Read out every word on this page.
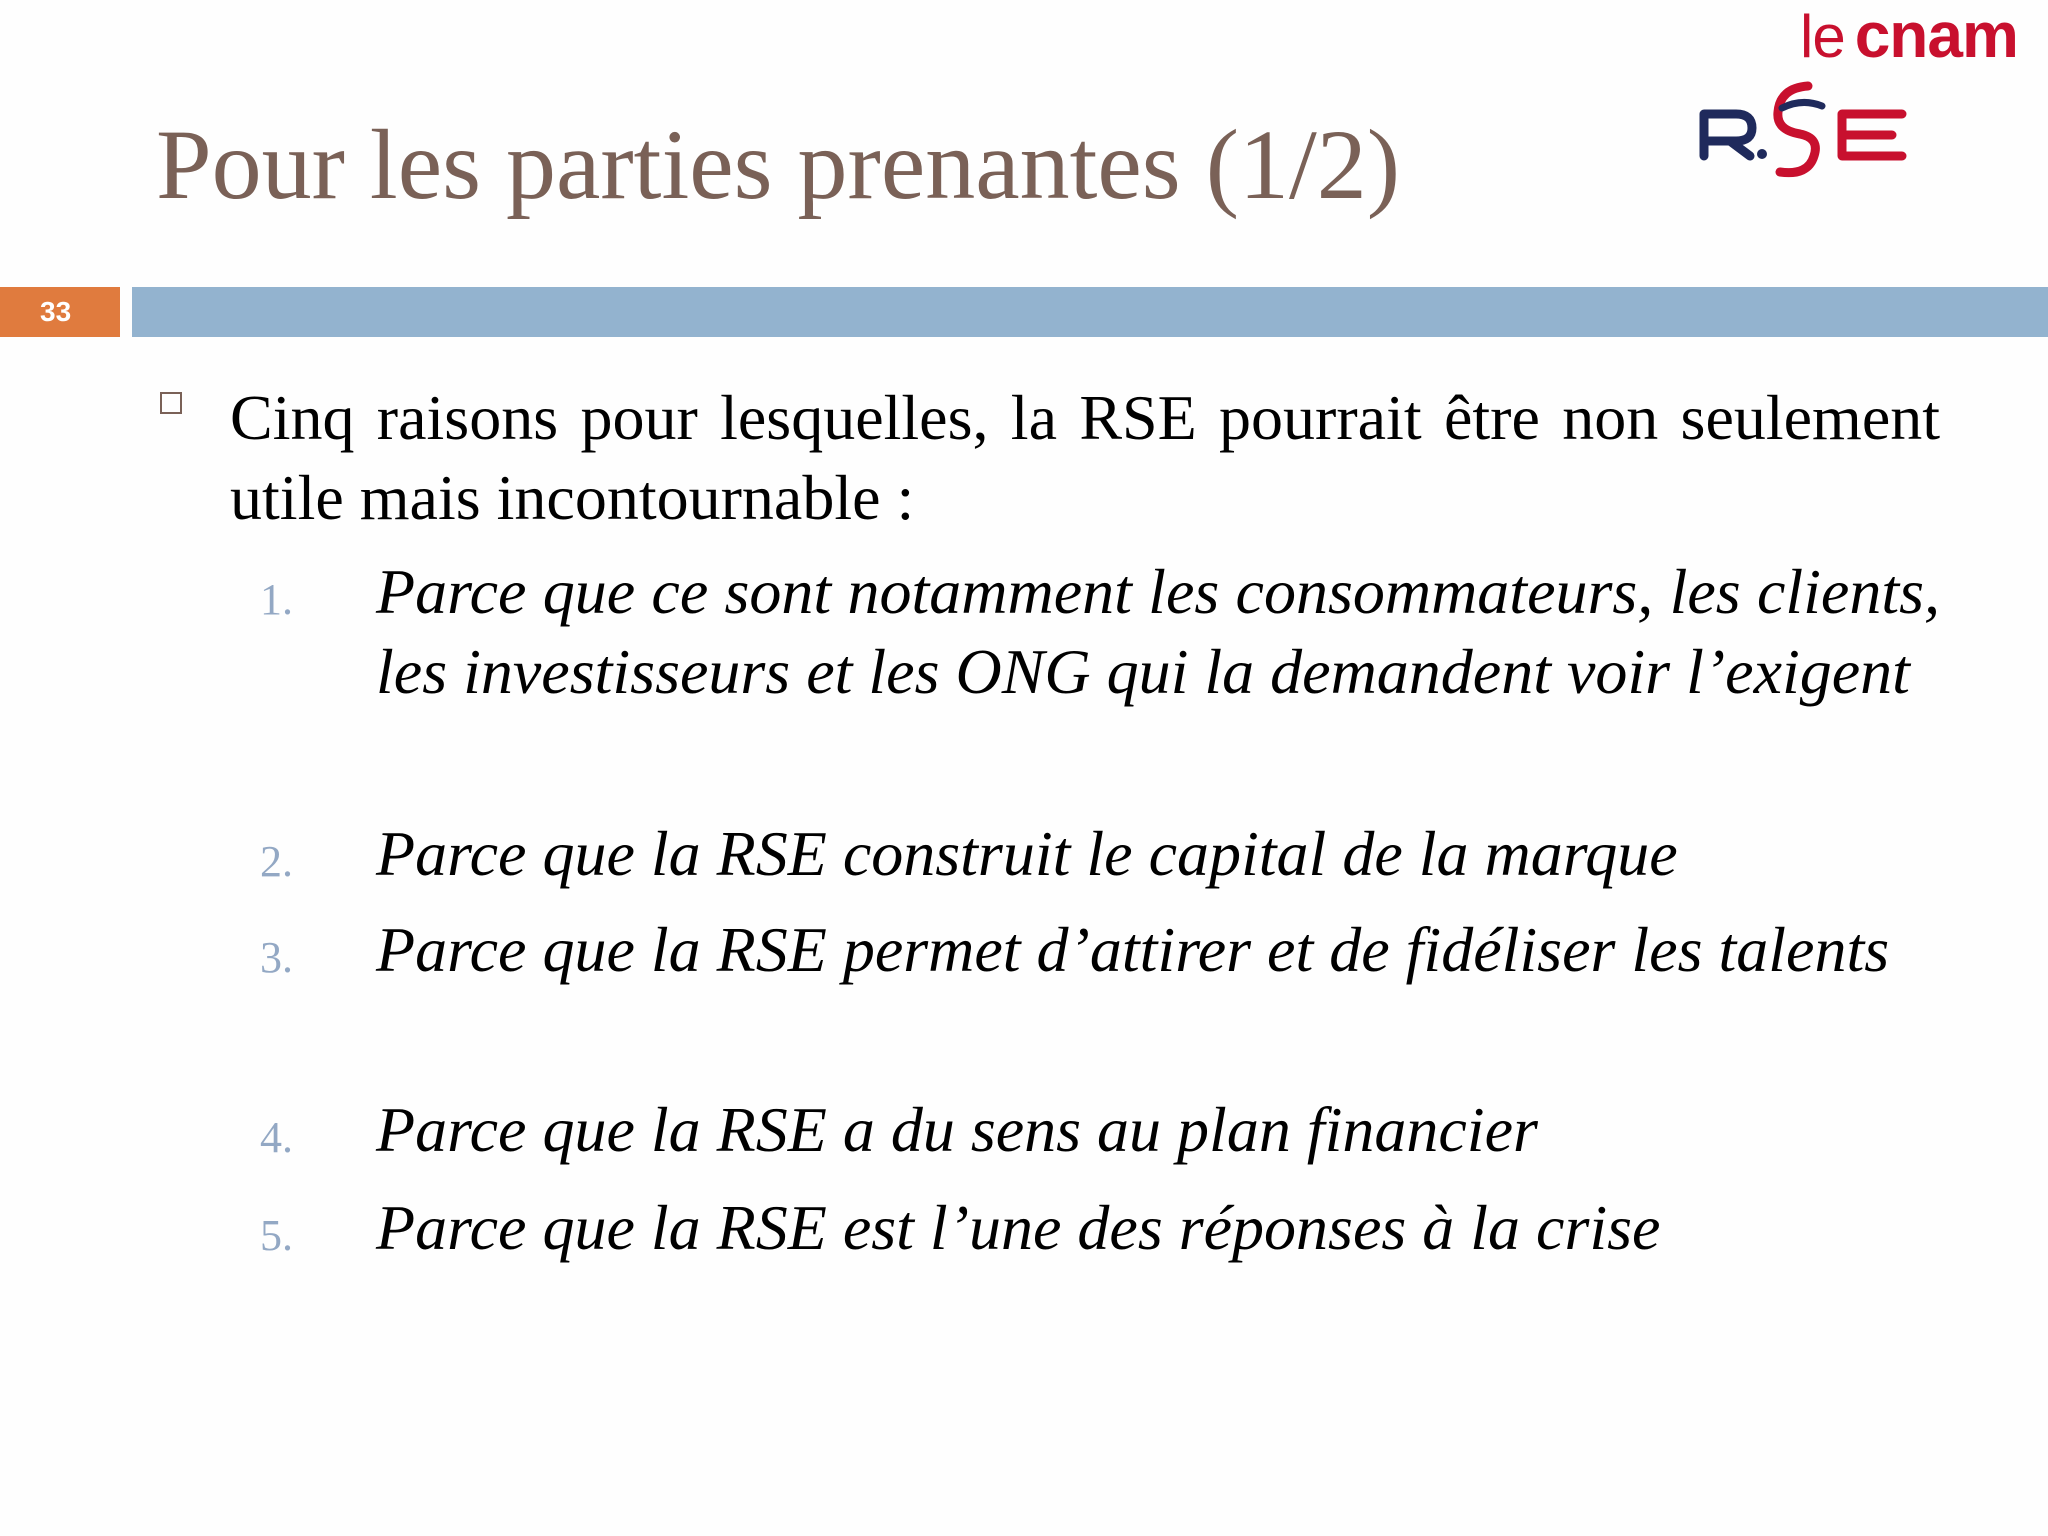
le cnam
Pour les parties prenantes (1/2)
33

Cinq raisons pour lesquelles, la RSE pourrait être non seulement utile mais incontournable :

1. Parce que ce sont notamment les consommateurs, les clients, les investisseurs et les ONG qui la demandent voir l’exigent
2. Parce que la RSE construit le capital de la marque
3. Parce que la RSE permet d’attirer et de fidéliser les talents
4. Parce que la RSE a du sens au plan financier
5. Parce que la RSE est l’une des réponses à la crise
